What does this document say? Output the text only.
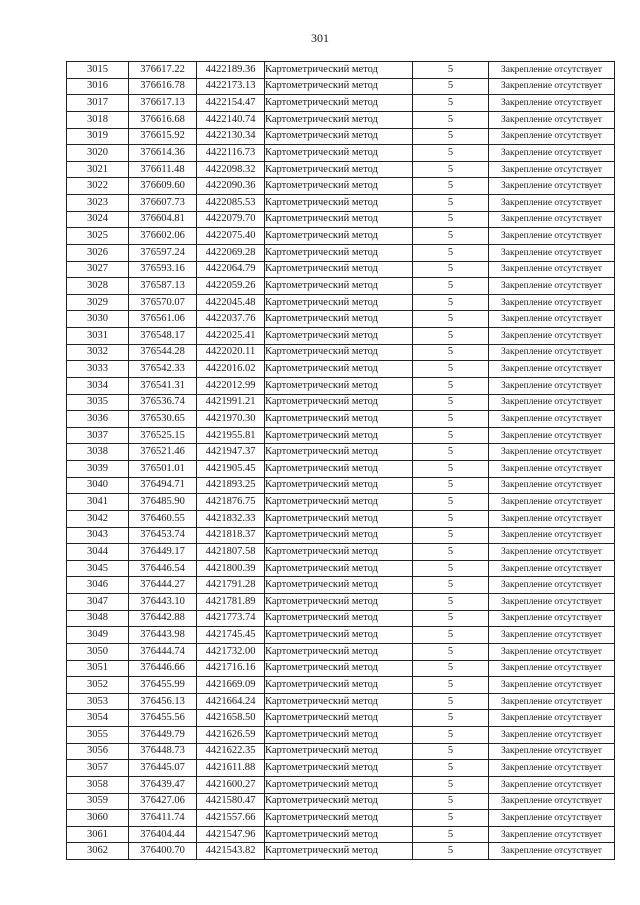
301
3015	376617.22	4422189.36	Картометрический метод	5	Закрепление отсутствует
3016	376616.78	4422173.13	Картометрический метод	5	Закрепление отсутствует
3017	376617.13	4422154.47	Картометрический метод	5	Закрепление отсутствует
3018	376616.68	4422140.74	Картометрический метод	5	Закрепление отсутствует
3019	376615.92	4422130.34	Картометрический метод	5	Закрепление отсутствует
3020	376614.36	4422116.73	Картометрический метод	5	Закрепление отсутствует
3021	376611.48	4422098.32	Картометрический метод	5	Закрепление отсутствует
3022	376609.60	4422090.36	Картометрический метод	5	Закрепление отсутствует
3023	376607.73	4422085.53	Картометрический метод	5	Закрепление отсутствует
3024	376604.81	4422079.70	Картометрический метод	5	Закрепление отсутствует
3025	376602.06	4422075.40	Картометрический метод	5	Закрепление отсутствует
3026	376597.24	4422069.28	Картометрический метод	5	Закрепление отсутствует
3027	376593.16	4422064.79	Картометрический метод	5	Закрепление отсутствует
3028	376587.13	4422059.26	Картометрический метод	5	Закрепление отсутствует
3029	376570.07	4422045.48	Картометрический метод	5	Закрепление отсутствует
3030	376561.06	4422037.76	Картометрический метод	5	Закрепление отсутствует
3031	376548.17	4422025.41	Картометрический метод	5	Закрепление отсутствует
3032	376544.28	4422020.11	Картометрический метод	5	Закрепление отсутствует
3033	376542.33	4422016.02	Картометрический метод	5	Закрепление отсутствует
3034	376541.31	4422012.99	Картометрический метод	5	Закрепление отсутствует
3035	376536.74	4421991.21	Картометрический метод	5	Закрепление отсутствует
3036	376530.65	4421970.30	Картометрический метод	5	Закрепление отсутствует
3037	376525.15	4421955.81	Картометрический метод	5	Закрепление отсутствует
3038	376521.46	4421947.37	Картометрический метод	5	Закрепление отсутствует
3039	376501.01	4421905.45	Картометрический метод	5	Закрепление отсутствует
3040	376494.71	4421893.25	Картометрический метод	5	Закрепление отсутствует
3041	376485.90	4421876.75	Картометрический метод	5	Закрепление отсутствует
3042	376460.55	4421832.33	Картометрический метод	5	Закрепление отсутствует
3043	376453.74	4421818.37	Картометрический метод	5	Закрепление отсутствует
3044	376449.17	4421807.58	Картометрический метод	5	Закрепление отсутствует
3045	376446.54	4421800.39	Картометрический метод	5	Закрепление отсутствует
3046	376444.27	4421791.28	Картометрический метод	5	Закрепление отсутствует
3047	376443.10	4421781.89	Картометрический метод	5	Закрепление отсутствует
3048	376442.88	4421773.74	Картометрический метод	5	Закрепление отсутствует
3049	376443.98	4421745.45	Картометрический метод	5	Закрепление отсутствует
3050	376444.74	4421732.00	Картометрический метод	5	Закрепление отсутствует
3051	376446.66	4421716.16	Картометрический метод	5	Закрепление отсутствует
3052	376455.99	4421669.09	Картометрический метод	5	Закрепление отсутствует
3053	376456.13	4421664.24	Картометрический метод	5	Закрепление отсутствует
3054	376455.56	4421658.50	Картометрический метод	5	Закрепление отсутствует
3055	376449.79	4421626.59	Картометрический метод	5	Закрепление отсутствует
3056	376448.73	4421622.35	Картометрический метод	5	Закрепление отсутствует
3057	376445.07	4421611.88	Картометрический метод	5	Закрепление отсутствует
3058	376439.47	4421600.27	Картометрический метод	5	Закрепление отсутствует
3059	376427.06	4421580.47	Картометрический метод	5	Закрепление отсутствует
3060	376411.74	4421557.66	Картометрический метод	5	Закрепление отсутствует
3061	376404.44	4421547.96	Картометрический метод	5	Закрепление отсутствует
3062	376400.70	4421543.82	Картометрический метод	5	Закрепление отсутствует
